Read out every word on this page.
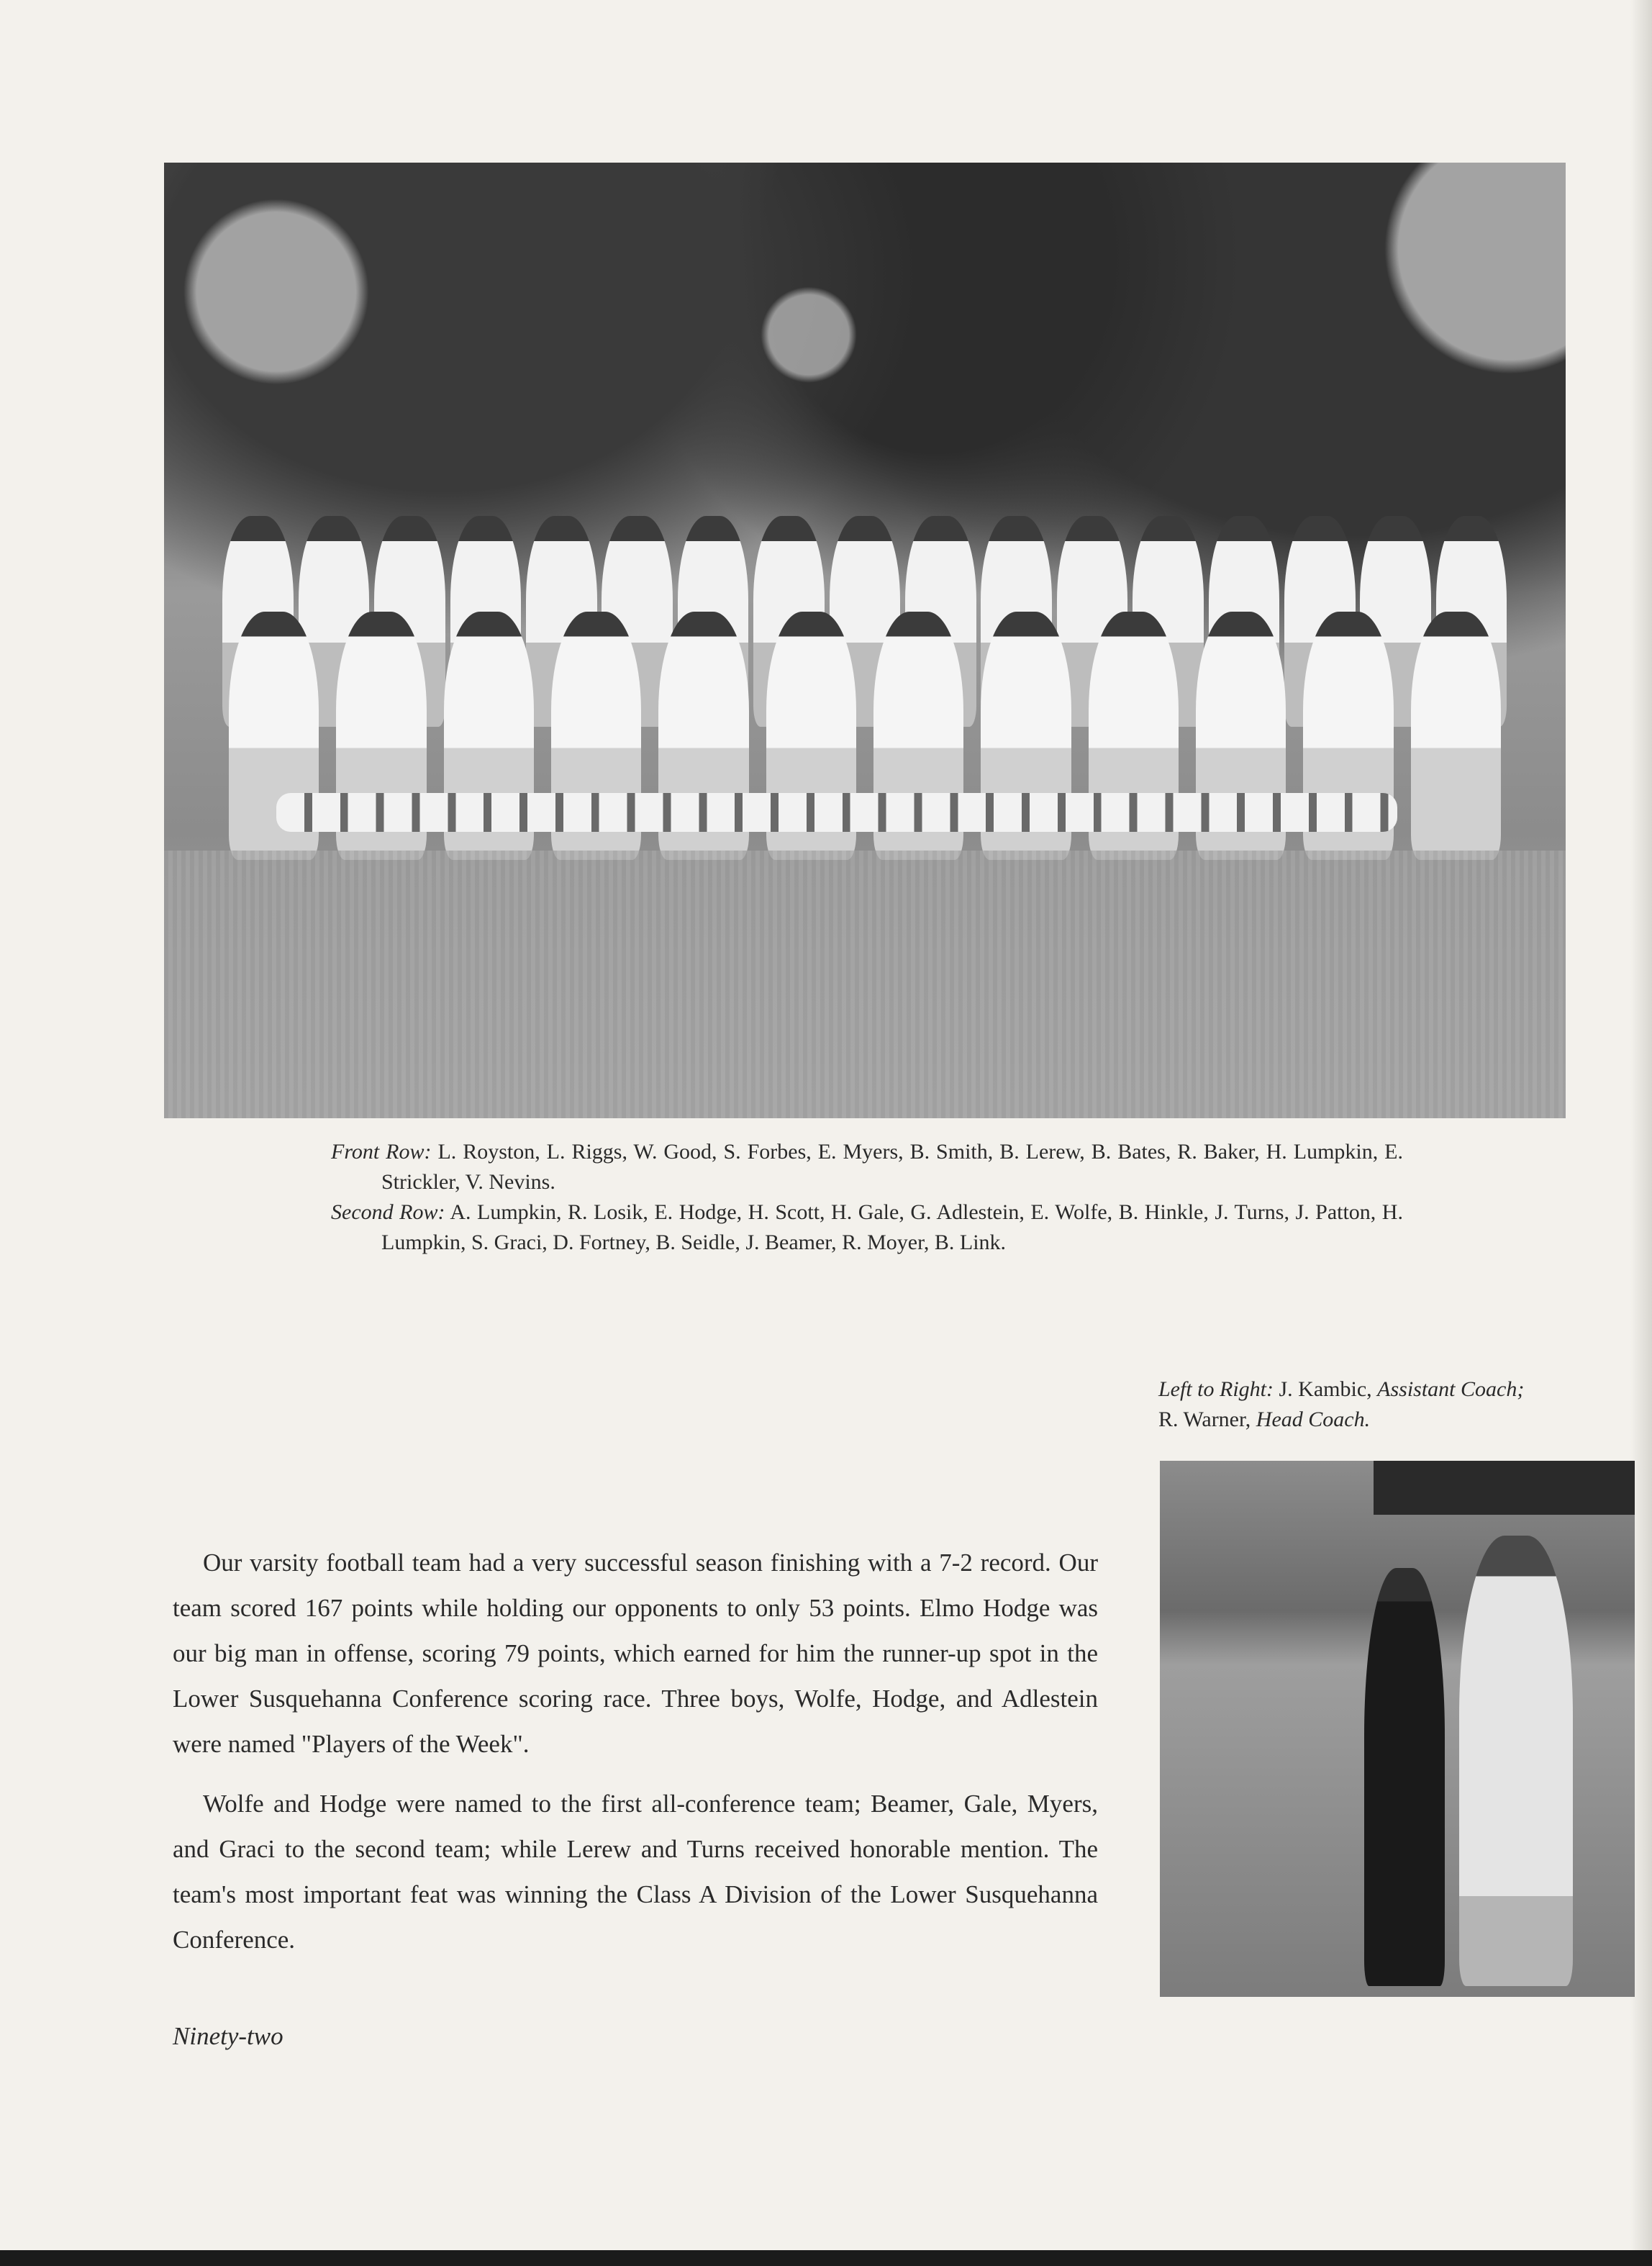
Front Row: L. Royston, L. Riggs, W. Good, S. Forbes, E. Myers, B. Smith, B. Lerew, B. Bates, R. Baker, H. Lumpkin, E. Strickler, V. Nevins.

Second Row: A. Lumpkin, R. Losik, E. Hodge, H. Scott, H. Gale, G. Adlestein, E. Wolfe, B. Hinkle, J. Turns, J. Patton, H. Lumpkin, S. Graci, D. Fortney, B. Seidle, J. Beamer, R. Moyer, B. Link.

Left to Right: J. Kambic, Assistant Coach;

R. Warner, Head Coach.

Our varsity football team had a very successful season finishing with a 7-2 record. Our team scored 167 points while holding our opponents to only 53 points. Elmo Hodge was our big man in offense, scoring 79 points, which earned for him the runner-up spot in the Lower Susquehanna Conference scoring race. Three boys, Wolfe, Hodge, and Adlestein were named "Players of the Week".

Wolfe and Hodge were named to the first all-conference team; Beamer, Gale, Myers, and Graci to the second team; while Lerew and Turns received honorable mention. The team's most important feat was winning the Class A Division of the Lower Susquehanna Conference.

Ninety-two
